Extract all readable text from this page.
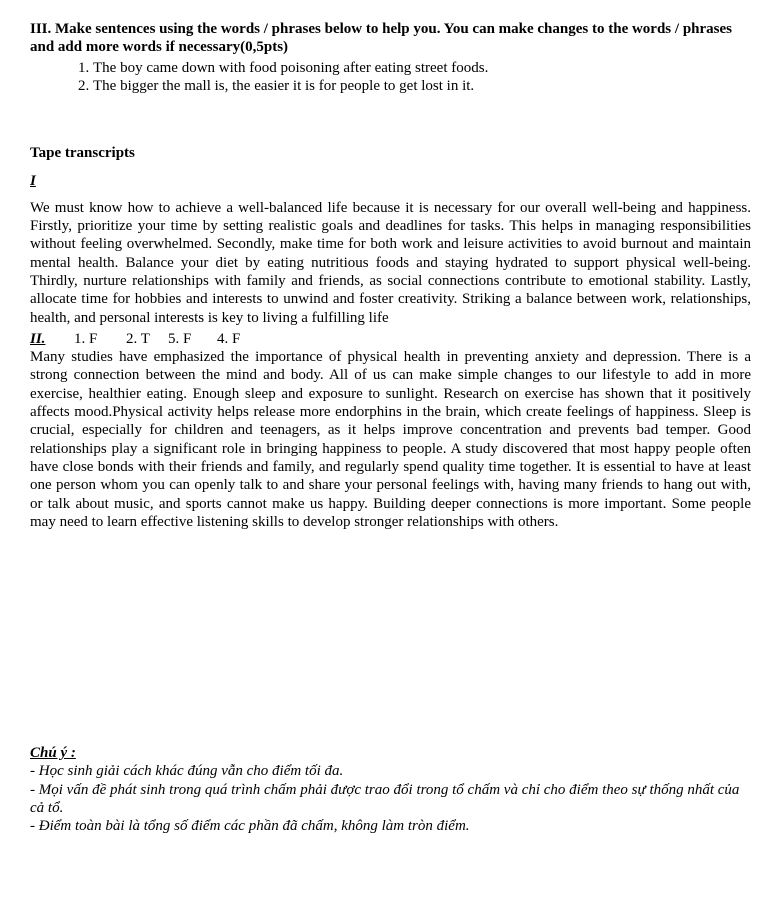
III. Make sentences using the words / phrases below to help you. You can make changes to the words / phrases and add more words if necessary(0,5pts)

1. The boy came down with food poisoning after eating street foods.
2. The bigger the mall is, the easier it is for people to get lost in it.
Tape transcripts
I

We must know how to achieve a well-balanced life because it is necessary for our overall well-being and happiness. Firstly, prioritize your time by setting realistic goals and deadlines for tasks. This helps in managing responsibilities without feeling overwhelmed. Secondly, make time for both work and leisure activities to avoid burnout and maintain mental health. Balance your diet by eating nutritious foods and staying hydrated to support physical well-being. Thirdly, nurture relationships with family and friends, as social connections contribute to emotional stability. Lastly, allocate time for hobbies and interests to unwind and foster creativity. Striking a balance between work, relationships, health, and personal interests is key to living a fulfilling life

II.	1. F	2. T	5. F	4. F

Many studies have emphasized the importance of physical health in preventing anxiety and depression. There is a strong connection between the mind and body. All of us can make simple changes to our lifestyle to add in more exercise, healthier eating. Enough sleep and exposure to sunlight. Research on exercise has shown that it positively affects mood.Physical activity helps release more endorphins in the brain, which create feelings of happiness. Sleep is crucial, especially for children and teenagers, as it helps improve concentration and prevents bad temper. Good relationships play a significant role in bringing happiness to people. A study discovered that most happy people often have close bonds with their friends and family, and regularly spend quality time together. It is essential to have at least one person whom you can openly talk to and share your personal feelings with, having many friends to hang out with, or talk about music, and sports cannot make us happy. Building deeper connections is more important. Some people may need to learn effective listening skills to develop stronger relationships with others.

Chú ý :

- Học sinh giải cách khác đúng vẫn cho điểm tối đa.

- Mọi vấn đề phát sinh trong quá trình chấm phải được trao đổi trong tổ chấm và chỉ cho điểm theo sự thống nhất của cả tổ.

- Điểm toàn bài là tổng số điểm các phần đã chấm, không làm tròn điểm.
